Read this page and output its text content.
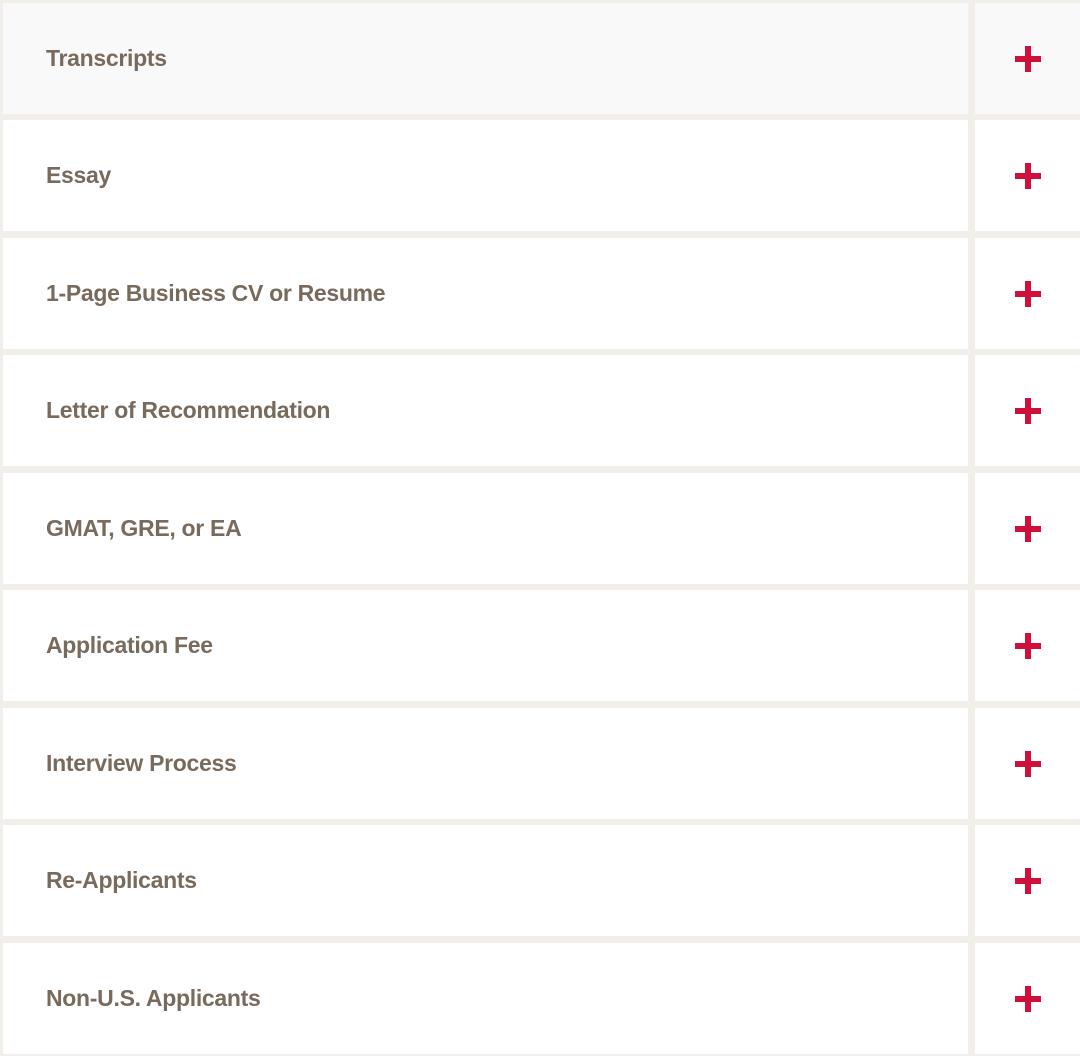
Transcripts
Essay
1-Page Business CV or Resume
Letter of Recommendation
GMAT, GRE, or EA
Application Fee
Interview Process
Re-Applicants
Non-U.S. Applicants
